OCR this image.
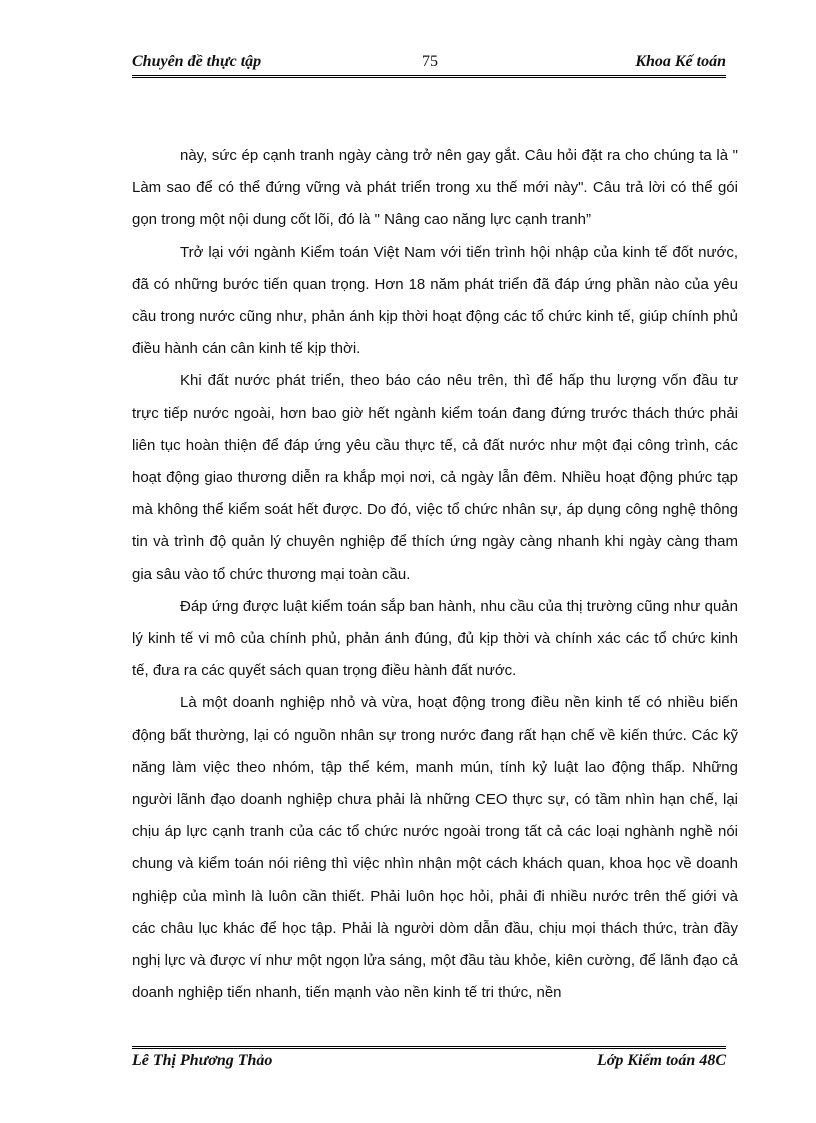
Chuyên đề thực tập	75	Khoa Kế toán

này, sức ép cạnh tranh ngày càng trở nên gay gắt. Câu hỏi đặt ra cho chúng ta là " Làm sao để có thể đứng vững và phát triển trong xu thế mới này". Câu trả lời có thể gói gọn trong một nội dung cốt lõi, đó là " Nâng cao năng lực cạnh tranh”

Trở lại với ngành Kiểm toán Việt Nam với tiến trình hội nhập của kinh tế đốt nước, đã có những bước tiến quan trọng. Hơn 18 năm phát triển đã đáp ứng phần nào của yêu cầu trong nước cũng như, phản ánh kịp thời hoạt động các tổ chức kinh tế, giúp chính phủ điều hành cán cân kinh tế kịp thời.

Khi đất nước phát triển, theo báo cáo nêu trên, thì để hấp thu lượng vốn đầu tư trực tiếp nước ngoài, hơn bao giờ hết ngành kiểm toán đang đứng trước thách thức phải liên tục hoàn thiện để đáp ứng yêu cầu thực tế, cả đất nước như một đại công trình, các hoạt động giao thương diễn ra khắp mọi nơi, cả ngày lẫn đêm. Nhiều hoạt động phức tạp mà không thể kiểm soát hết được. Do đó, việc tổ chức nhân sự, áp dụng công nghệ thông tin và trình độ quản lý chuyên nghiệp để thích ứng ngày càng nhanh khi ngày càng tham gia sâu vào tổ chức thương mại toàn cầu.

Đáp ứng được luật kiểm toán sắp ban hành, nhu cầu của thị trường cũng như quản lý kinh tế vi mô của chính phủ, phản ánh đúng, đủ kịp thời và chính xác các tổ chức kinh tế, đưa ra các quyết sách quan trọng điều hành đất nước.

Là một doanh nghiệp nhỏ và vừa, hoạt động trong điều nền kinh tế có nhiều biến động bất thường, lại có nguồn nhân sự trong nước đang rất hạn chế về kiến thức. Các kỹ năng làm việc theo nhóm, tập thể kém, manh mún, tính kỷ luật lao động thấp. Những người lãnh đạo doanh nghiệp chưa phải là những CEO thực sự, có tầm nhìn hạn chế, lại chịu áp lực cạnh tranh của các tổ chức nước ngoài trong tất cả các loại nghành nghề nói chung và kiểm toán nói riêng thì việc nhìn nhận một cách khách quan, khoa học về doanh nghiệp của mình là luôn cần thiết. Phải luôn học hỏi, phải đi nhiều nước trên thế giới và các châu lục khác để học tập. Phải là người dòm dẫn đầu, chịu mọi thách thức, tràn đầy nghị lực và được ví như một ngọn lửa sáng, một đầu tàu khỏe, kiên cường, để lãnh đạo cả doanh nghiệp tiến nhanh, tiến mạnh vào nền kinh tế tri thức, nền

Lê Thị Phương Thảo	Lớp Kiểm toán 48C
